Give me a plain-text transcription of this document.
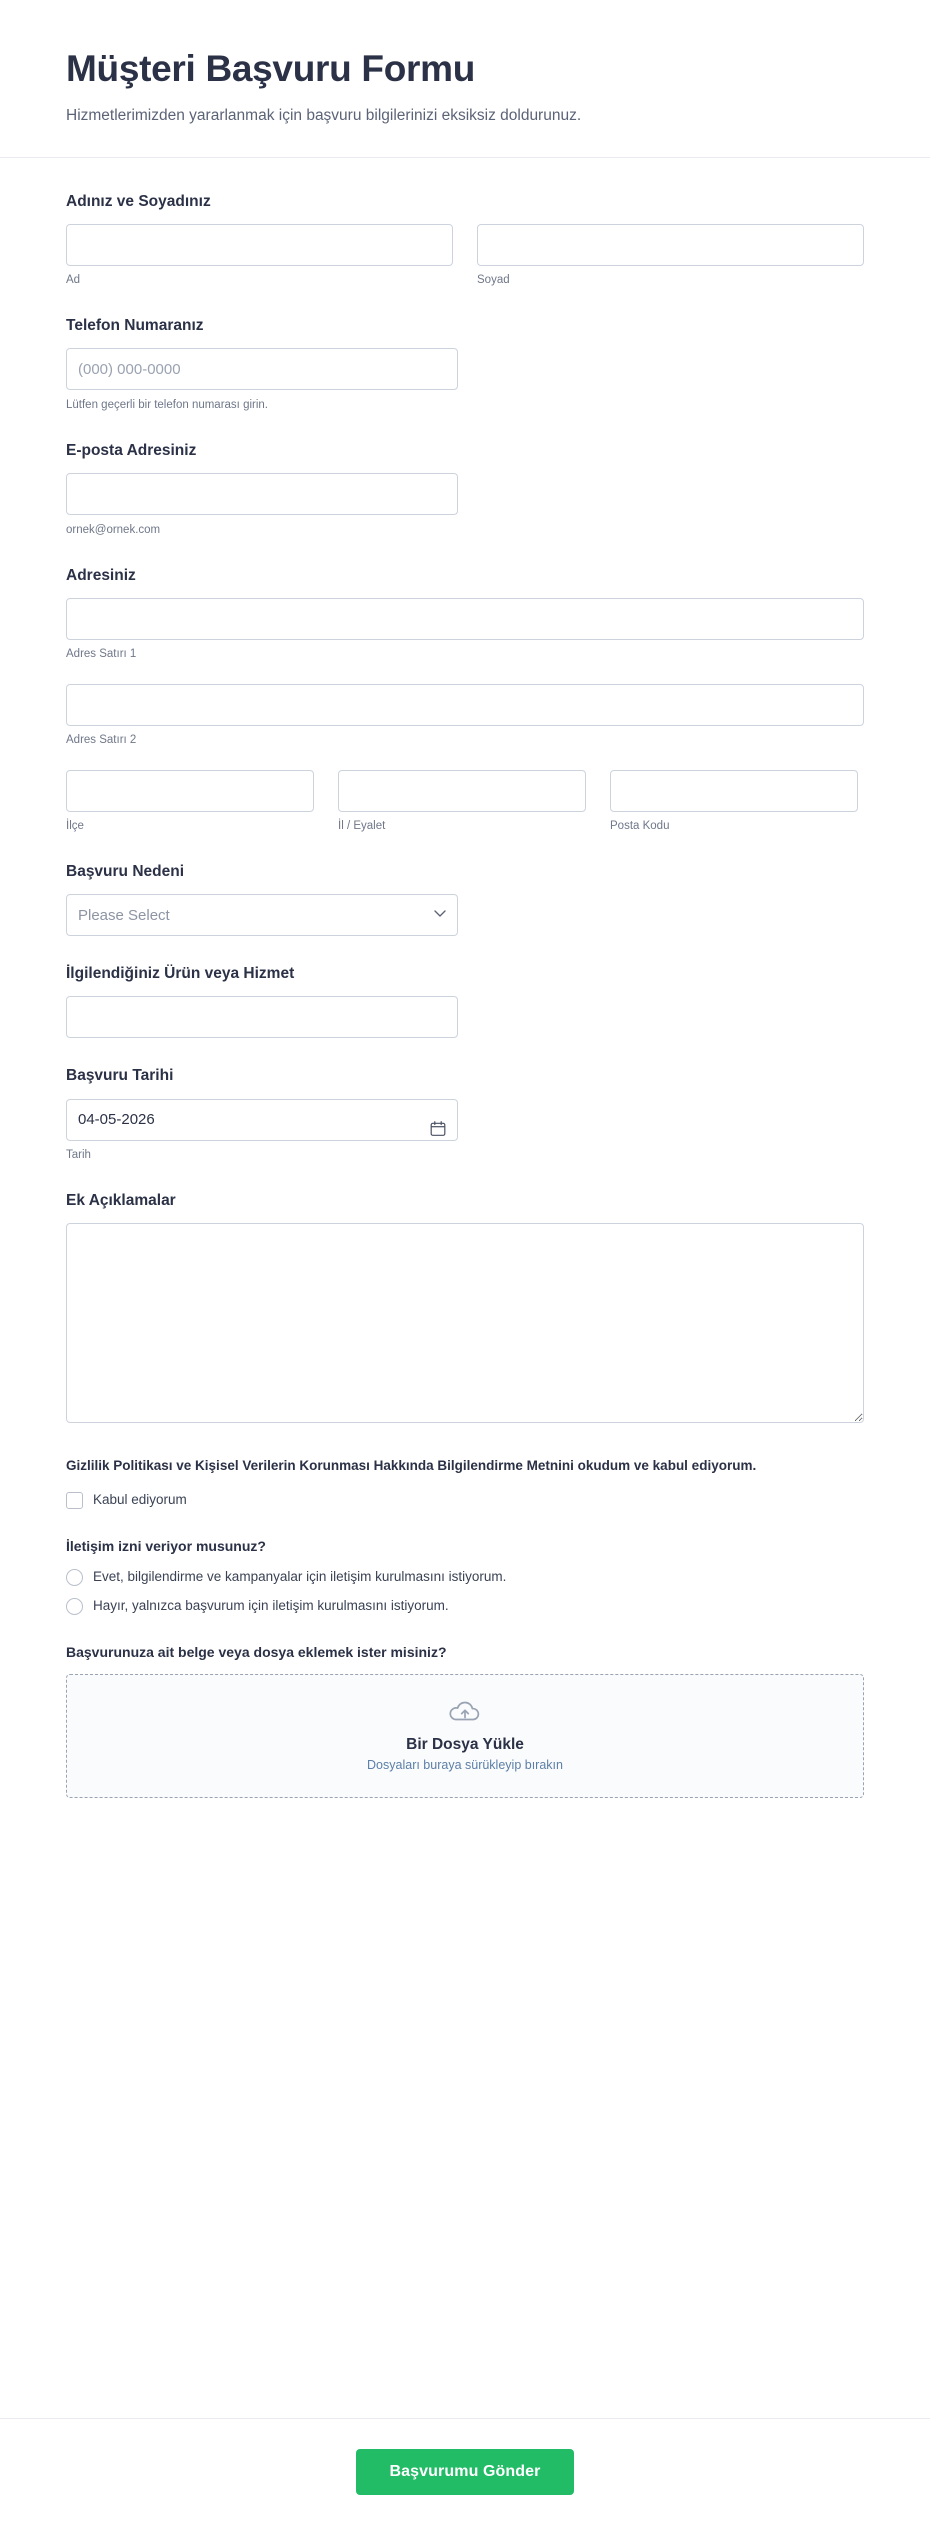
Müşteri Başvuru Formu

Hizmetlerimizden yararlanmak için başvuru bilgilerinizi eksiksiz doldurunuz.

Adınız ve Soyadınız
Ad	Soyad
Telefon Numaranız
(000) 000-0000
Lütfen geçerli bir telefon numarası girin.
E-posta Adresiniz
ornek@ornek.com
Adresiniz
Adres Satırı 1
Adres Satırı 2
İlçe	İl / Eyalet	Posta Kodu
Başvuru Nedeni
Please Select
İlgilendiğiniz Ürün veya Hizmet
Başvuru Tarihi
04-05-2026
Tarih
Ek Açıklamalar
Gizlilik Politikası ve Kişisel Verilerin Korunması Hakkında Bilgilendirme Metnini okudum ve kabul ediyorum.
Kabul ediyorum
İletişim izni veriyor musunuz?
Evet, bilgilendirme ve kampanyalar için iletişim kurulmasını istiyorum.
Hayır, yalnızca başvurum için iletişim kurulmasını istiyorum.
Başvurunuza ait belge veya dosya eklemek ister misiniz?
Bir Dosya Yükle
Dosyaları buraya sürükleyip bırakın
Başvurumu Gönder
